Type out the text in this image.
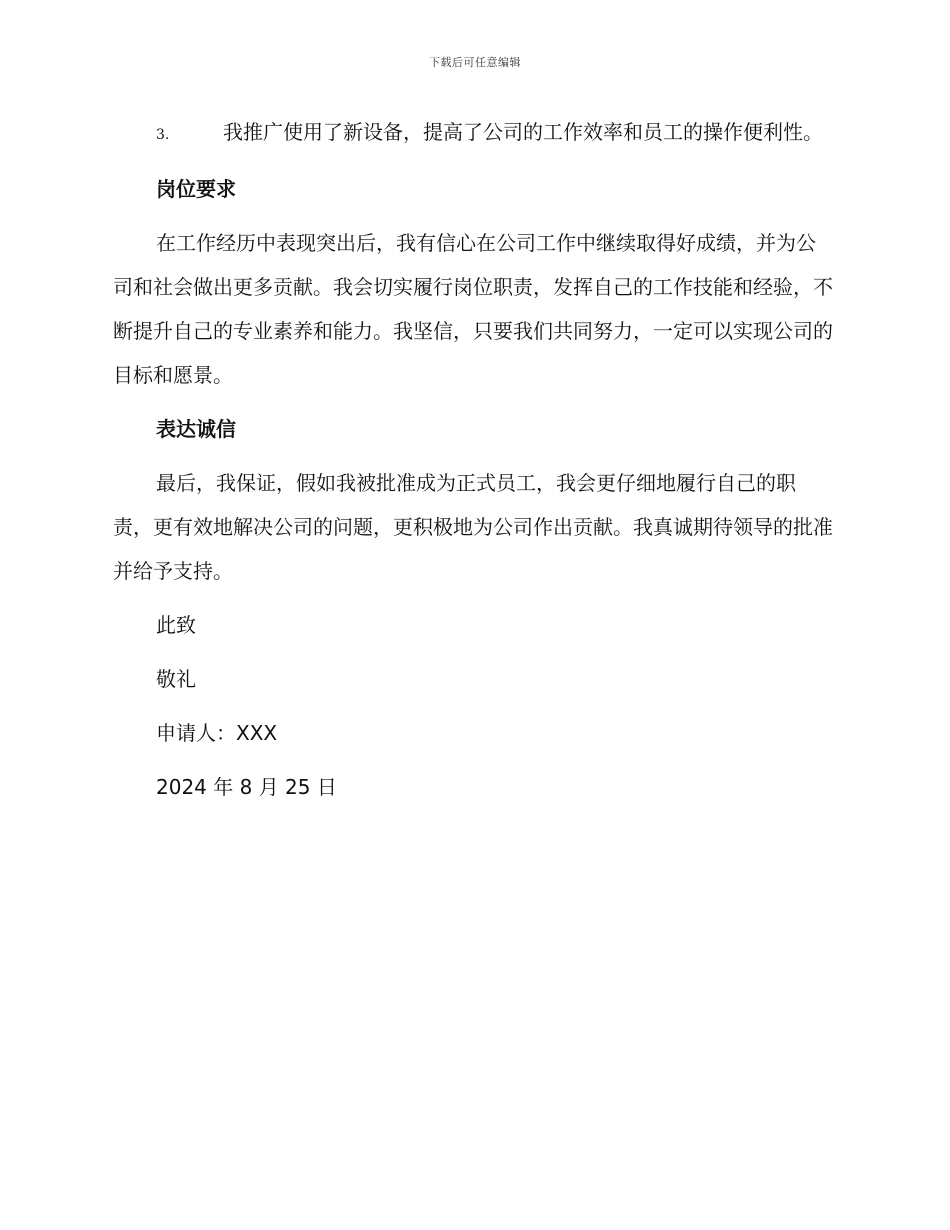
下载后可任意编辑

3.	我推广使用了新设备，提高了公司的工作效率和员工的操作便利性。

岗位要求

在工作经历中表现突出后，我有信心在公司工作中继续取得好成绩，并为公司和社会做出更多贡献。我会切实履行岗位职责，发挥自己的工作技能和经验，不断提升自己的专业素养和能力。我坚信，只要我们共同努力，一定可以实现公司的目标和愿景。

表达诚信

最后，我保证，假如我被批准成为正式员工，我会更仔细地履行自己的职责，更有效地解决公司的问题，更积极地为公司作出贡献。我真诚期待领导的批准并给予支持。

此致

敬礼

申请人：XXX

2024 年 8 月 25 日
